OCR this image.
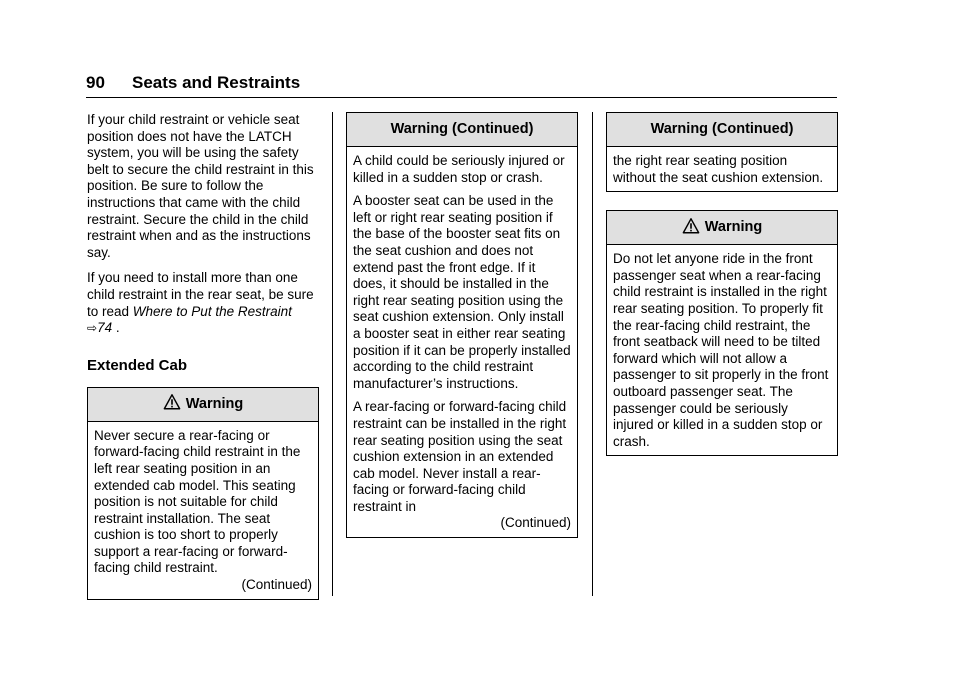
90 Seats and Restraints

If your child restraint or vehicle seat position does not have the LATCH system, you will be using the safety belt to secure the child restraint in this position. Be sure to follow the instructions that came with the child restraint. Secure the child in the child restraint when and as the instructions say.

If you need to install more than one child restraint in the rear seat, be sure to read Where to Put the Restraint ⇨74 .

Extended Cab
Warning

Never secure a rear-facing or forward-facing child restraint in the left rear seating position in an extended cab model. This seating position is not suitable for child restraint installation. The seat cushion is too short to properly support a rear-facing or forward-facing child restraint.

(Continued)

Warning (Continued)

A child could be seriously injured or killed in a sudden stop or crash.

A booster seat can be used in the left or right rear seating position if the base of the booster seat fits on the seat cushion and does not extend past the front edge. If it does, it should be installed in the right rear seating position using the seat cushion extension. Only install a booster seat in either rear seating position if it can be properly installed according to the child restraint manufacturer’s instructions.

A rear-facing or forward-facing child restraint can be installed in the right rear seating position using the seat cushion extension in an extended cab model. Never install a rear-facing or forward-facing child restraint in

(Continued)

Warning (Continued)

the right rear seating position without the seat cushion extension.

Warning

Do not let anyone ride in the front passenger seat when a rear-facing child restraint is installed in the right rear seating position. To properly fit the rear-facing child restraint, the front seatback will need to be tilted forward which will not allow a passenger to sit properly in the front outboard passenger seat. The passenger could be seriously injured or killed in a sudden stop or crash.
